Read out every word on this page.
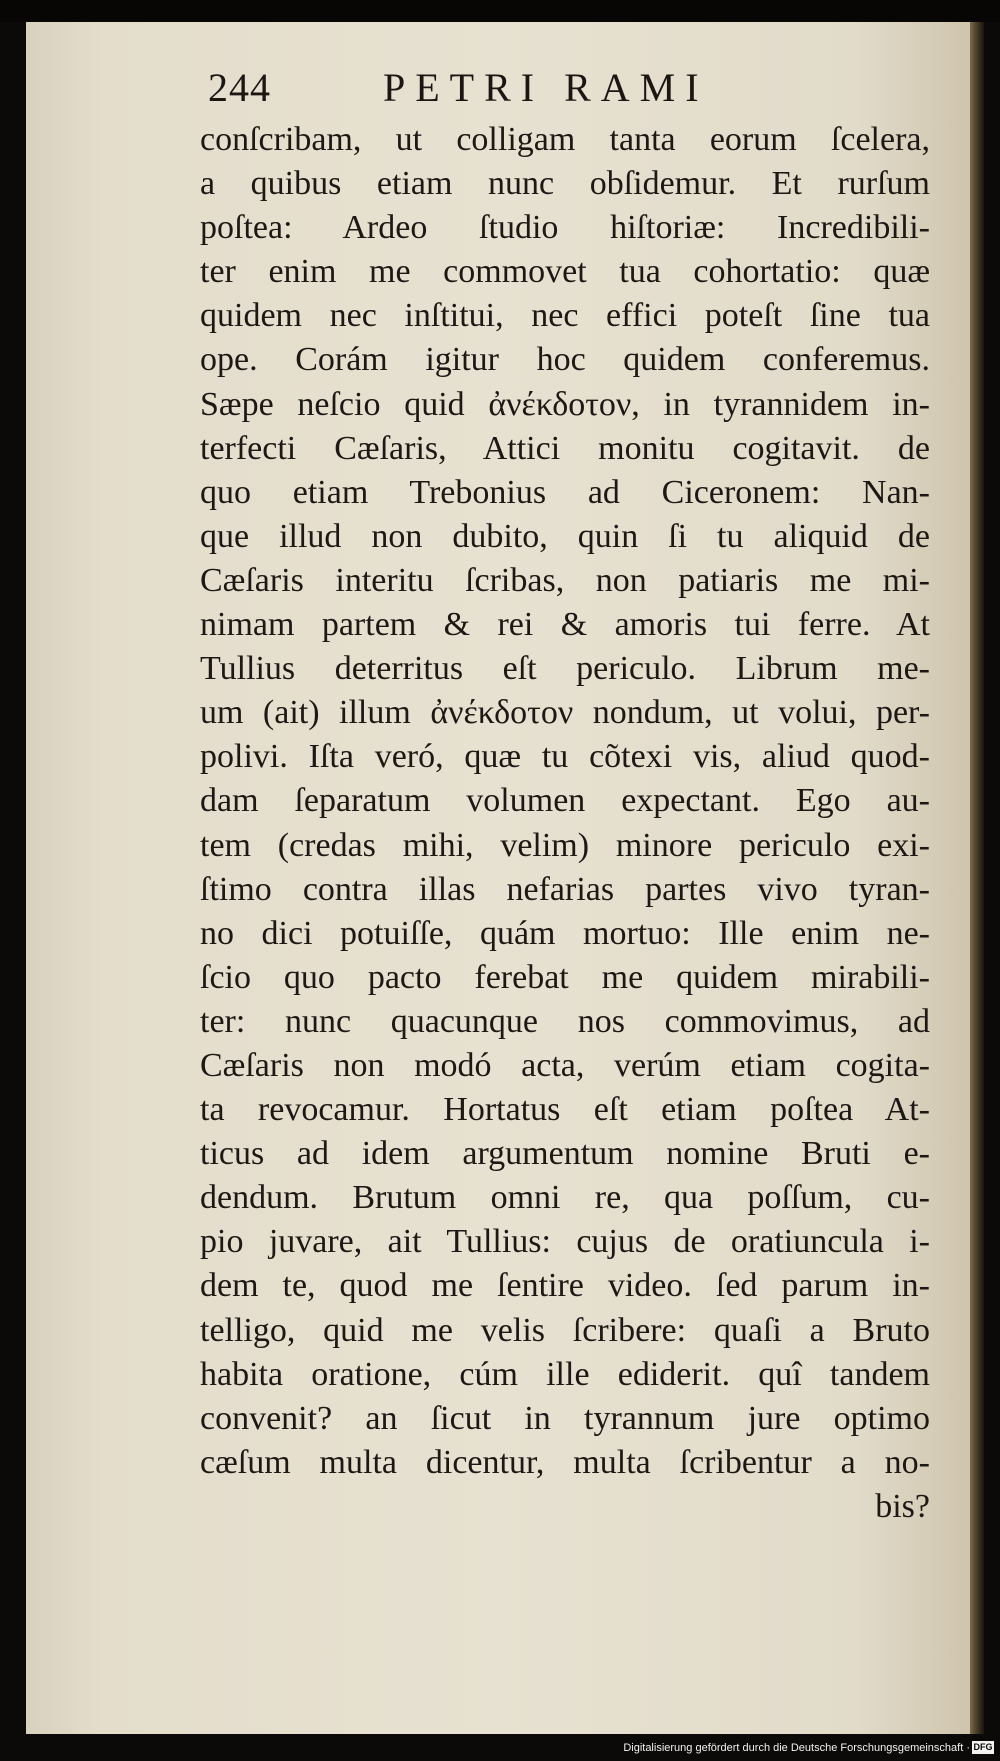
244	PETRI RAMI
conſcribam, ut colligam tanta eorum ſcelera,
a quibus etiam nunc obſidemur. Et rurſum
poſtea: Ardeo ſtudio hiſtoriæ: Incredibili-
ter enim me commovet tua cohortatio: quæ
quidem nec inſtitui, nec effici poteſt ſine tua
ope. Corám igitur hoc quidem conferemus.
Sæpe neſcio quid ἀνέκδοτον, in tyrannidem in-
terfecti Cæſaris, Attici monitu cogitavit. de
quo etiam Trebonius ad Ciceronem: Nan-
que illud non dubito, quin ſi tu aliquid de
Cæſaris interitu ſcribas, non patiaris me mi-
nimam partem & rei & amoris tui ferre. At
Tullius deterritus eſt periculo. Librum me-
um (ait) illum ἀνέκδοτον nondum, ut volui, per-
polivi. Iſta veró, quæ tu cõtexi vis, aliud quod-
dam ſeparatum volumen expectant. Ego au-
tem (credas mihi, velim) minore periculo exi-
ſtimo contra illas nefarias partes vivo tyran-
no dici potuiſſe, quám mortuo: Ille enim ne-
ſcio quo pacto ferebat me quidem mirabili-
ter: nunc quacunque nos commovimus, ad
Cæſaris non modó acta, verúm etiam cogita-
ta revocamur. Hortatus eſt etiam poſtea At-
ticus ad idem argumentum nomine Bruti e-
dendum. Brutum omni re, qua poſſum, cu-
pio juvare, ait Tullius: cujus de oratiuncula i-
dem te, quod me ſentire video. ſed parum in-
telligo, quid me velis ſcribere: quaſi a Bruto
habita oratione, cúm ille ediderit. quî tandem
convenit? an ſicut in tyrannum jure optimo
cæſum multa dicentur, multa ſcribentur a no-
bis?
Digitalisierung gefördert durch die Deutsche Forschungsgemeinschaft · DFG
